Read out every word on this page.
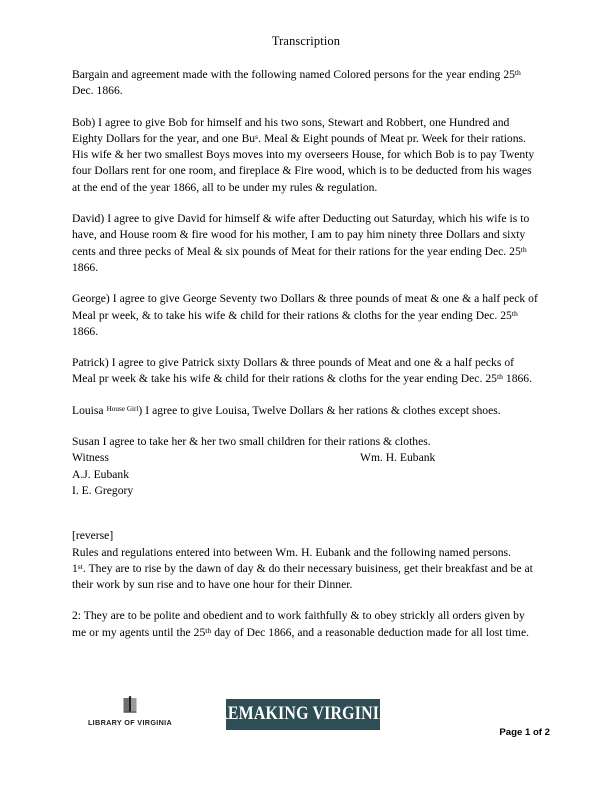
Transcription

Bargain and agreement made with the following named Colored persons for the year ending 25th Dec. 1866.

Bob) I agree to give Bob for himself and his two sons, Stewart and Robbert, one Hundred and Eighty Dollars for the year, and one Bu$^s$. Meal & Eight pounds of Meat pr. Week for their rations. His wife & her two smallest Boys moves into my overseers House, for which Bob is to pay Twenty four Dollars rent for one room, and fireplace & Fire wood, which is to be deducted from his wages at the end of the year 1866, all to be under my rules & regulation.

David) I agree to give David for himself & wife after Deducting out Saturday, which his wife is to have, and House room & fire wood for his mother, I am to pay him ninety three Dollars and sixty cents and three pecks of Meal & six pounds of Meat for their rations for the year ending Dec. 25th 1866.

George) I agree to give George Seventy two Dollars & three pounds of meat & one & a half peck of Meal pr week, & to take his wife & child for their rations & cloths for the year ending Dec. 25th 1866.

Patrick) I agree to give Patrick sixty Dollars & three pounds of Meat and one & a half pecks of Meal pr week & take his wife & child for their rations & cloths for the year ending Dec. 25th 1866.

Louisa $^{House Girl}$) I agree to give Louisa, Twelve Dollars & her rations & clothes except shoes.

Susan I agree to take her & her two small children for their rations & clothes.
Witness	Wm. H. Eubank
A.J. Eubank
I. E. Gregory

[reverse]
Rules and regulations entered into between Wm. H. Eubank and the following named persons.
1st. They are to rise by the dawn of day & do their necessary buisiness, get their breakfast and be at their work by sun rise and to have one hour for their Dinner.

2: They are to be polite and obedient and to work faithfully & to obey strickly all orders given by me or my agents until the 25th day of Dec 1866, and a reasonable deduction made for all lost time.

LIBRARY OF VIRGINIA REMAKING VIRGINIA
Page 1 of 2
